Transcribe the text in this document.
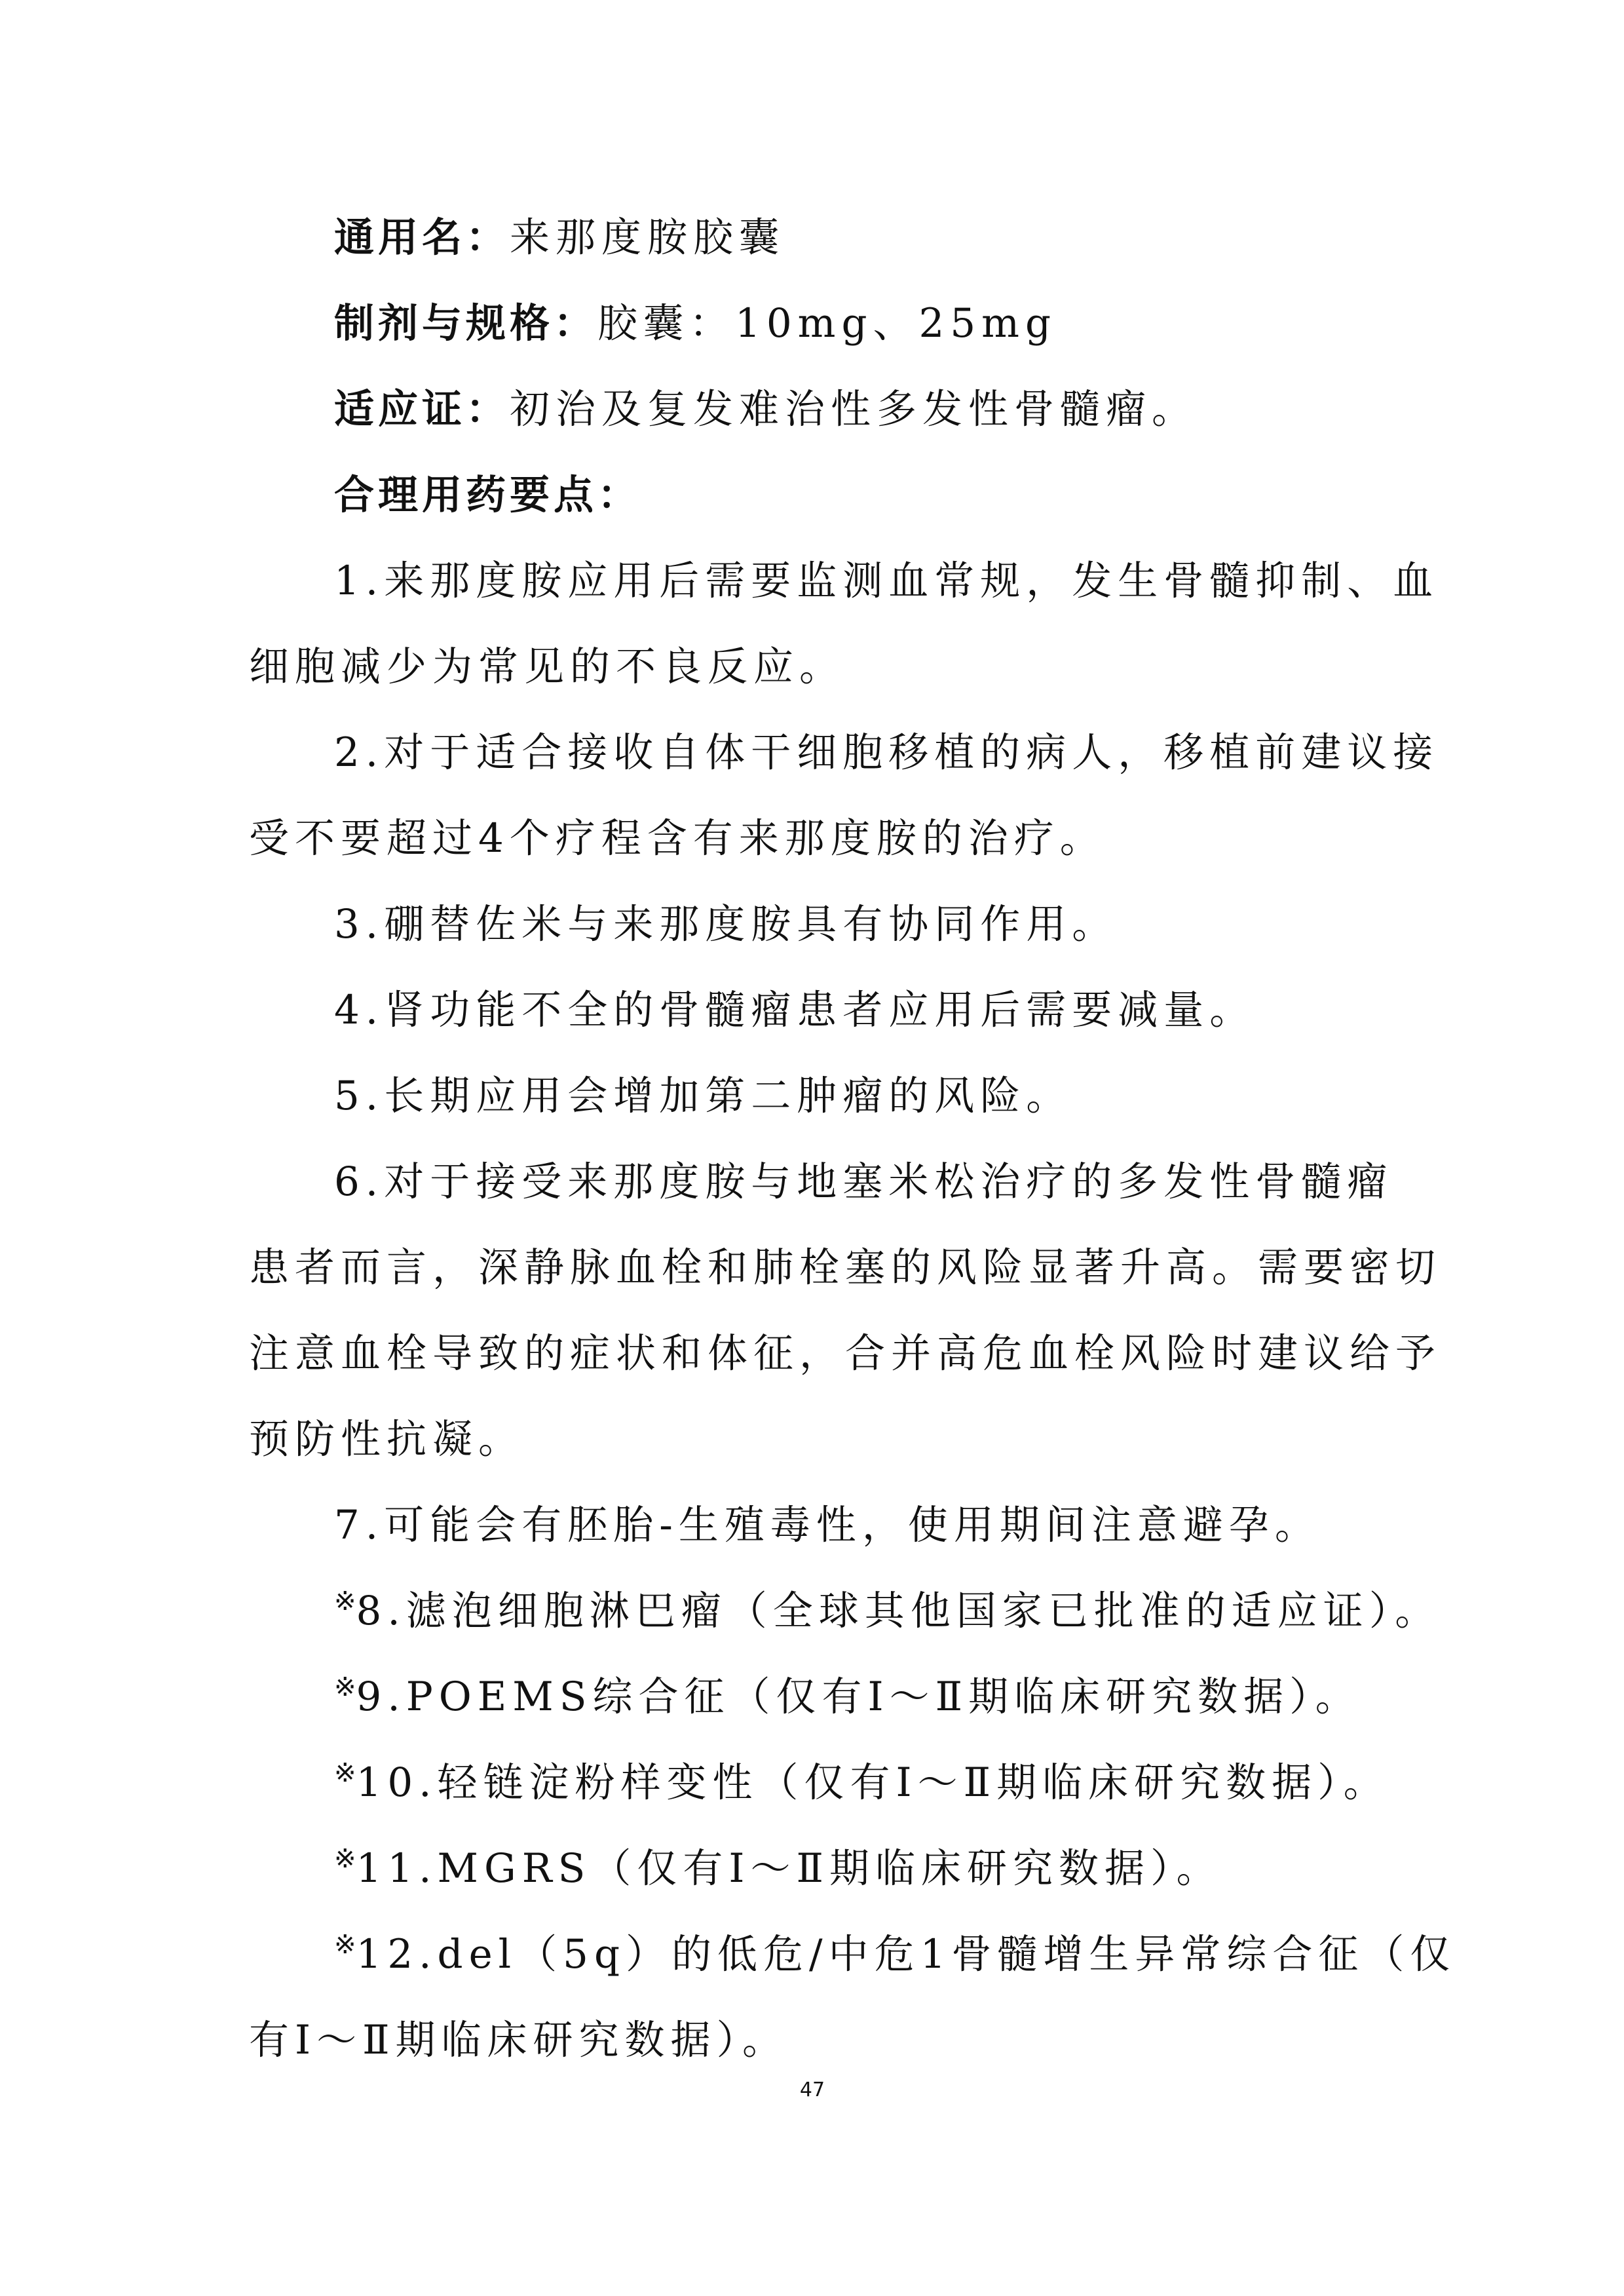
通用名：来那度胺胶囊
制剂与规格：胶囊：10mg、25mg
适应证：初治及复发难治性多发性骨髓瘤。
合理用药要点：
1.来那度胺应用后需要监测血常规，发生骨髓抑制、血
细胞减少为常见的不良反应。
2.对于适合接收自体干细胞移植的病人，移植前建议接
受不要超过4个疗程含有来那度胺的治疗。
3.硼替佐米与来那度胺具有协同作用。
4.肾功能不全的骨髓瘤患者应用后需要减量。
5.长期应用会增加第二肿瘤的风险。
6.对于接受来那度胺与地塞米松治疗的多发性骨髓瘤
患者而言，深静脉血栓和肺栓塞的风险显著升高。需要密切
注意血栓导致的症状和体征，合并高危血栓风险时建议给予
预防性抗凝。
7.可能会有胚胎-生殖毒性，使用期间注意避孕。
※8.滤泡细胞淋巴瘤（全球其他国家已批准的适应证）。
※9.POEMS综合征（仅有Ⅰ～Ⅱ期临床研究数据）。
※10.轻链淀粉样变性（仅有Ⅰ～Ⅱ期临床研究数据）。
※11.MGRS（仅有Ⅰ～Ⅱ期临床研究数据）。
※12.del（5q）的低危/中危1骨髓增生异常综合征（仅
有Ⅰ～Ⅱ期临床研究数据）。
47
